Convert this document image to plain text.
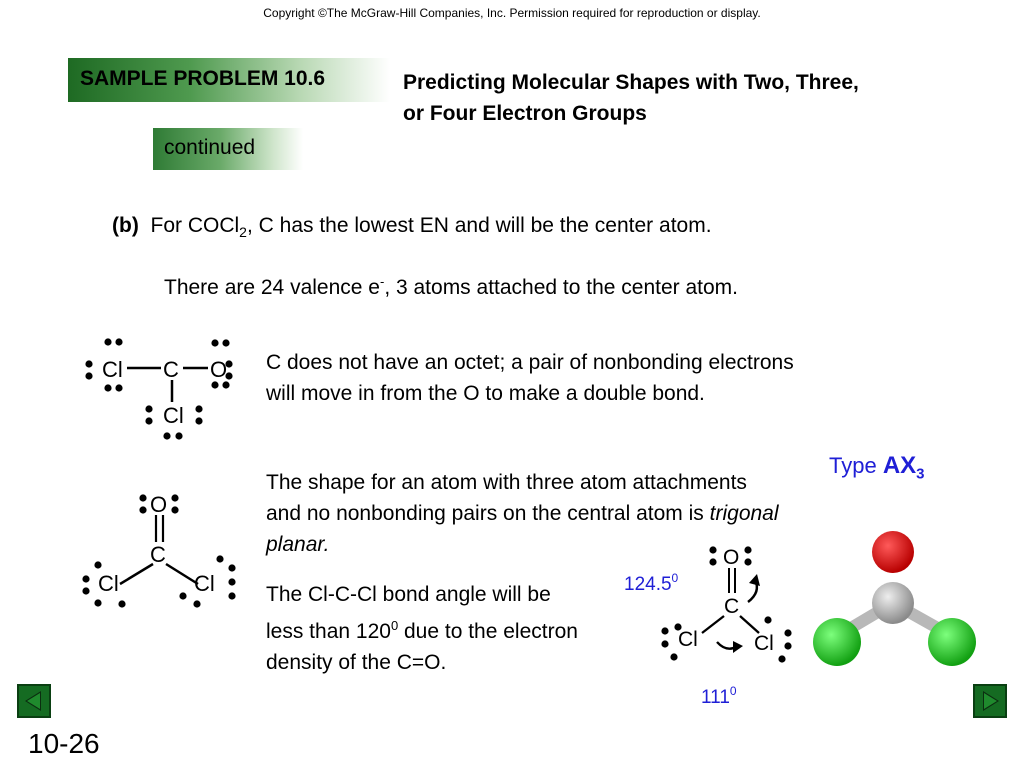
Copyright ©The McGraw-Hill Companies, Inc. Permission required for reproduction or display.
SAMPLE PROBLEM 10.6	Predicting Molecular Shapes with Two, Three,
or Four Electron Groups
continued
(b) For COCl$_2$, C has the lowest EN and will be the center atom.
There are 24 valence e-, 3 atoms attached to the center atom.
Cl C O
Cl
C does not have an octet; a pair of nonbonding electrons will move in from the O to make a double bond.
Type $AX_3$
The shape for an atom with three atom attachments and no nonbonding pairs on the central atom is trigonal planar.
O
C
Cl	Cl The Cl-C-Cl bond angle will be less than $120^0$ due to the electron density of the C=O.
O
C
Cl	Cl
124.5$^0$
$111^0$
10-26
